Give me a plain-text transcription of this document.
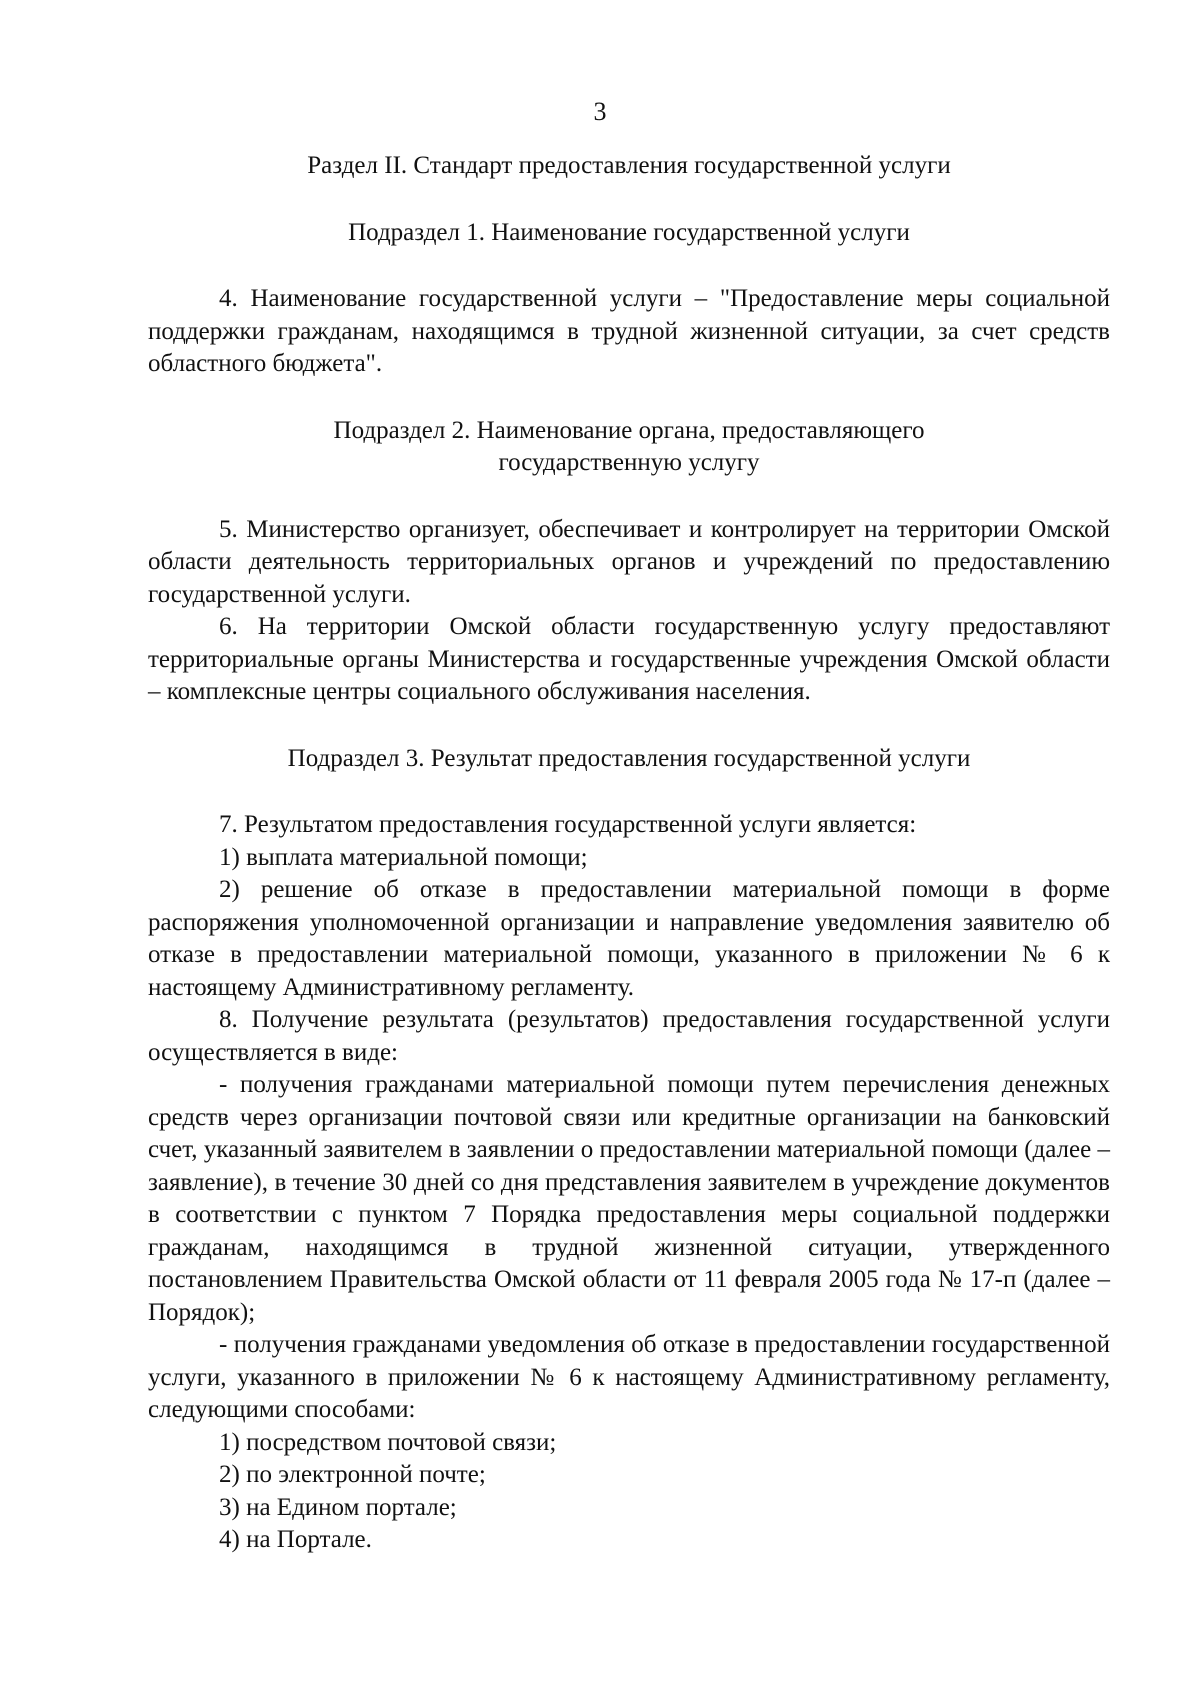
3

Раздел II. Стандарт предоставления государственной услуги

Подраздел 1. Наименование государственной услуги

4. Наименование государственной услуги – "Предоставление меры социальной поддержки гражданам, находящимся в трудной жизненной ситуации, за счет средств областного бюджета".

Подраздел 2. Наименование органа, предоставляющего

государственную услугу

5. Министерство организует, обеспечивает и контролирует на территории Омской области деятельность территориальных органов и учреждений по предоставлению государственной услуги.

6. На территории Омской области государственную услугу предоставляют территориальные органы Министерства и государственные учреждения Омской области – комплексные центры социального обслуживания населения.

Подраздел 3. Результат предоставления государственной услуги

7. Результатом предоставления государственной услуги является:

1) выплата материальной помощи;

2) решение об отказе в предоставлении материальной помощи в форме распоряжения уполномоченной организации и направление уведомления заявителю об отказе в предоставлении материальной помощи, указанного в приложении № 6 к настоящему Административному регламенту.

8. Получение результата (результатов) предоставления государственной услуги осуществляется в виде:

- получения гражданами материальной помощи путем перечисления денежных средств через организации почтовой связи или кредитные организации на банковский счет, указанный заявителем в заявлении о предоставлении материальной помощи (далее – заявление), в течение 30 дней со дня представления заявителем в учреждение документов в соответствии с пунктом 7 Порядка предоставления меры социальной поддержки гражданам, находящимся в трудной жизненной ситуации, утвержденного постановлением Правительства Омской области от 11 февраля 2005 года № 17-п (далее – Порядок);

- получения гражданами уведомления об отказе в предоставлении государственной услуги, указанного в приложении № 6 к настоящему Административному регламенту, следующими способами:

1) посредством почтовой связи;

2) по электронной почте;

3) на Едином портале;

4) на Портале.
